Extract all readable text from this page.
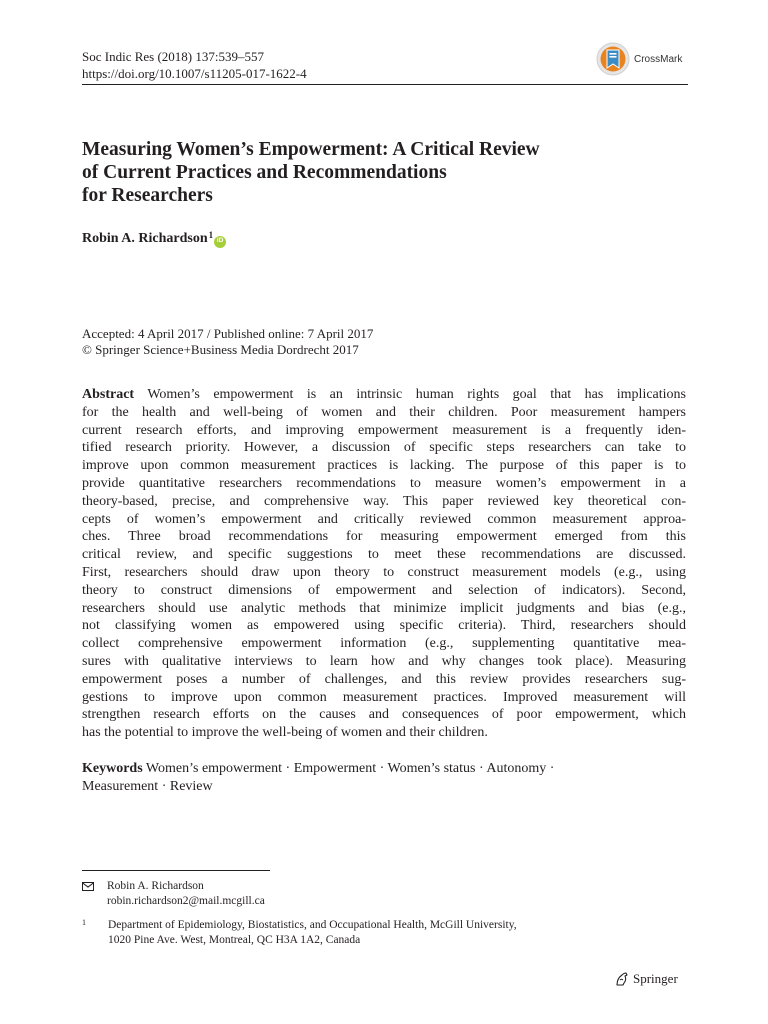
Soc Indic Res (2018) 137:539–557
https://doi.org/10.1007/s11205-017-1622-4
CrossMark
Measuring Women’s Empowerment: A Critical Review
of Current Practices and Recommendations
for Researchers
Robin A. Richardson$^1$
iD
Accepted: 4 April 2017 / Published online: 7 April 2017
© Springer Science+Business Media Dordrecht 2017
Abstract Women’s empowerment is an intrinsic human rights goal that has implications
for the health and well-being of women and their children. Poor measurement hampers
current research efforts, and improving empowerment measurement is a frequently iden-
tified research priority. However, a discussion of specific steps researchers can take to
improve upon common measurement practices is lacking. The purpose of this paper is to
provide quantitative researchers recommendations to measure women’s empowerment in a
theory-based, precise, and comprehensive way. This paper reviewed key theoretical con-
cepts of women’s empowerment and critically reviewed common measurement approa-
ches. Three broad recommendations for measuring empowerment emerged from this
critical review, and specific suggestions to meet these recommendations are discussed.
First, researchers should draw upon theory to construct measurement models (e.g., using
theory to construct dimensions of empowerment and selection of indicators). Second,
researchers should use analytic methods that minimize implicit judgments and bias (e.g.,
not classifying women as empowered using specific criteria). Third, researchers should
collect comprehensive empowerment information (e.g., supplementing quantitative mea-
sures with qualitative interviews to learn how and why changes took place). Measuring
empowerment poses a number of challenges, and this review provides researchers sug-
gestions to improve upon common measurement practices. Improved measurement will
strengthen research efforts on the causes and consequences of poor empowerment, which
has the potential to improve the well-being of women and their children.
Keywords Women’s empowerment · Empowerment · Women’s status · Autonomy ·
Measurement · Review
Robin A. Richardson
robin.richardson2@mail.mcgill.ca
1	Department of Epidemiology, Biostatistics, and Occupational Health, McGill University,
1020 Pine Ave. West, Montreal, QC H3A 1A2, Canada
Springer
